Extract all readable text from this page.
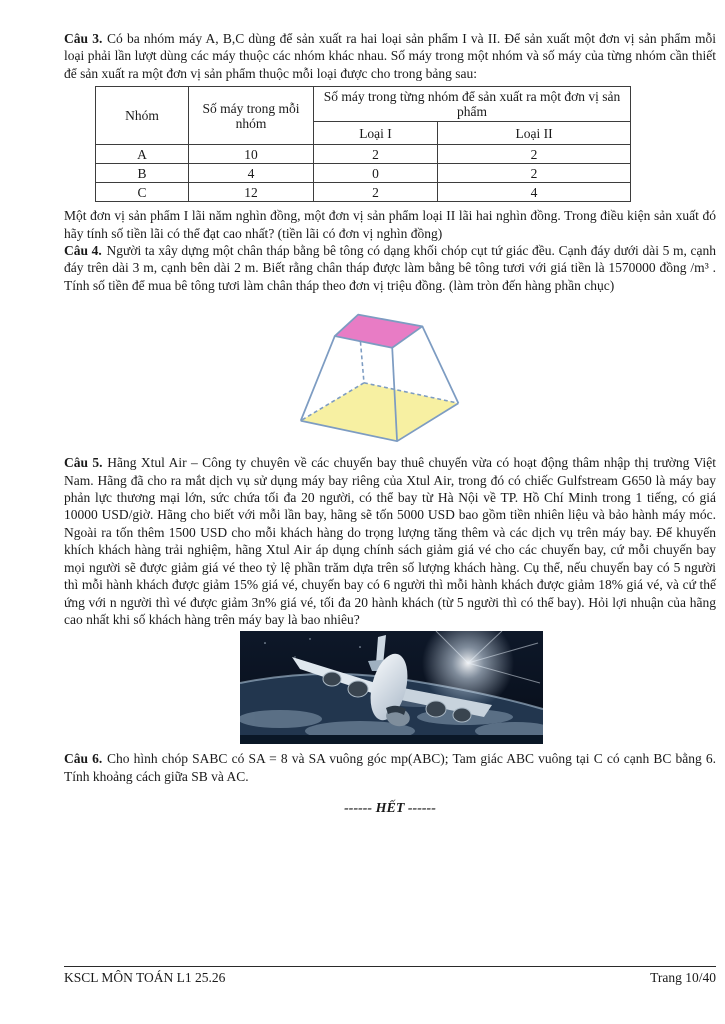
Câu 3. Có ba nhóm máy A, B,C dùng để sản xuất ra hai loại sản phẩm I và II. Để sản xuất một đơn vị sản phẩm mỗi loại phải lần lượt dùng các máy thuộc các nhóm khác nhau. Số máy trong một nhóm và số máy của từng nhóm cần thiết để sản xuất ra một đơn vị sản phẩm thuộc mỗi loại được cho trong bảng sau:

Nhóm	Số máy trong mỗi nhóm	Số máy trong từng nhóm để sản xuất ra một đơn vị sản phẩm	
		Loại I	Loại II
A	10	2	2
B	4	0	2
C	12	2	4

Một đơn vị sản phẩm I lãi năm nghìn đồng, một đơn vị sản phẩm loại II lãi hai nghìn đồng. Trong điều kiện sản xuất đó hãy tính số tiền lãi có thể đạt cao nhất? (tiền lãi có đơn vị nghìn đồng)

Câu 4. Người ta xây dựng một chân tháp bằng bê tông có dạng khối chóp cụt tứ giác đều. Cạnh đáy dưới dài 5 m, cạnh đáy trên dài 3 m, cạnh bên dài 2 m. Biết rằng chân tháp được làm bằng bê tông tươi với giá tiền là 1570000 đồng /m³ . Tính số tiền để mua bê tông tươi làm chân tháp theo đơn vị triệu đồng. (làm tròn đến hàng phần chục)

Câu 5. Hãng Xtul Air – Công ty chuyên về các chuyến bay thuê chuyến vừa có hoạt động thâm nhập thị trường Việt Nam. Hãng đã cho ra mắt dịch vụ sử dụng máy bay riêng của Xtul Air, trong đó có chiếc Gulfstream G650 là máy bay phản lực thương mại lớn, sức chứa tối đa 20 người, có thể bay từ Hà Nội về TP. Hồ Chí Minh trong 1 tiếng, có giá 10000 USD/giờ. Hãng cho biết với mỗi lần bay, hãng sẽ tốn 5000 USD bao gồm tiền nhiên liệu và bảo hành máy móc. Ngoài ra tốn thêm 1500 USD cho mỗi khách hàng do trọng lượng tăng thêm và các dịch vụ trên máy bay. Để khuyến khích khách hàng trải nghiệm, hãng Xtul Air áp dụng chính sách giảm giá vé cho các chuyến bay, cứ mỗi chuyến bay mọi người sẽ được giảm giá vé theo tỷ lệ phần trăm dựa trên số lượng khách hàng. Cụ thể, nếu chuyến bay có 5 người thì mỗi hành khách được giảm 15% giá vé, chuyến bay có 6 người thì mỗi hành khách được giảm 18% giá vé, và cứ thế ứng với n người thì vé được giảm 3n% giá vé, tối đa 20 hành khách (từ 5 người thì có thể bay). Hỏi lợi nhuận của hãng cao nhất khi số khách hàng trên máy bay là bao nhiêu?

Câu 6. Cho hình chóp SABC có SA = 8 và SA vuông góc mp(ABC); Tam giác ABC vuông tại C có cạnh BC bằng 6. Tính khoảng cách giữa SB và AC.

------ HẾT ------
KSCL MÔN TOÁN L1 25.26	Trang 10/40
